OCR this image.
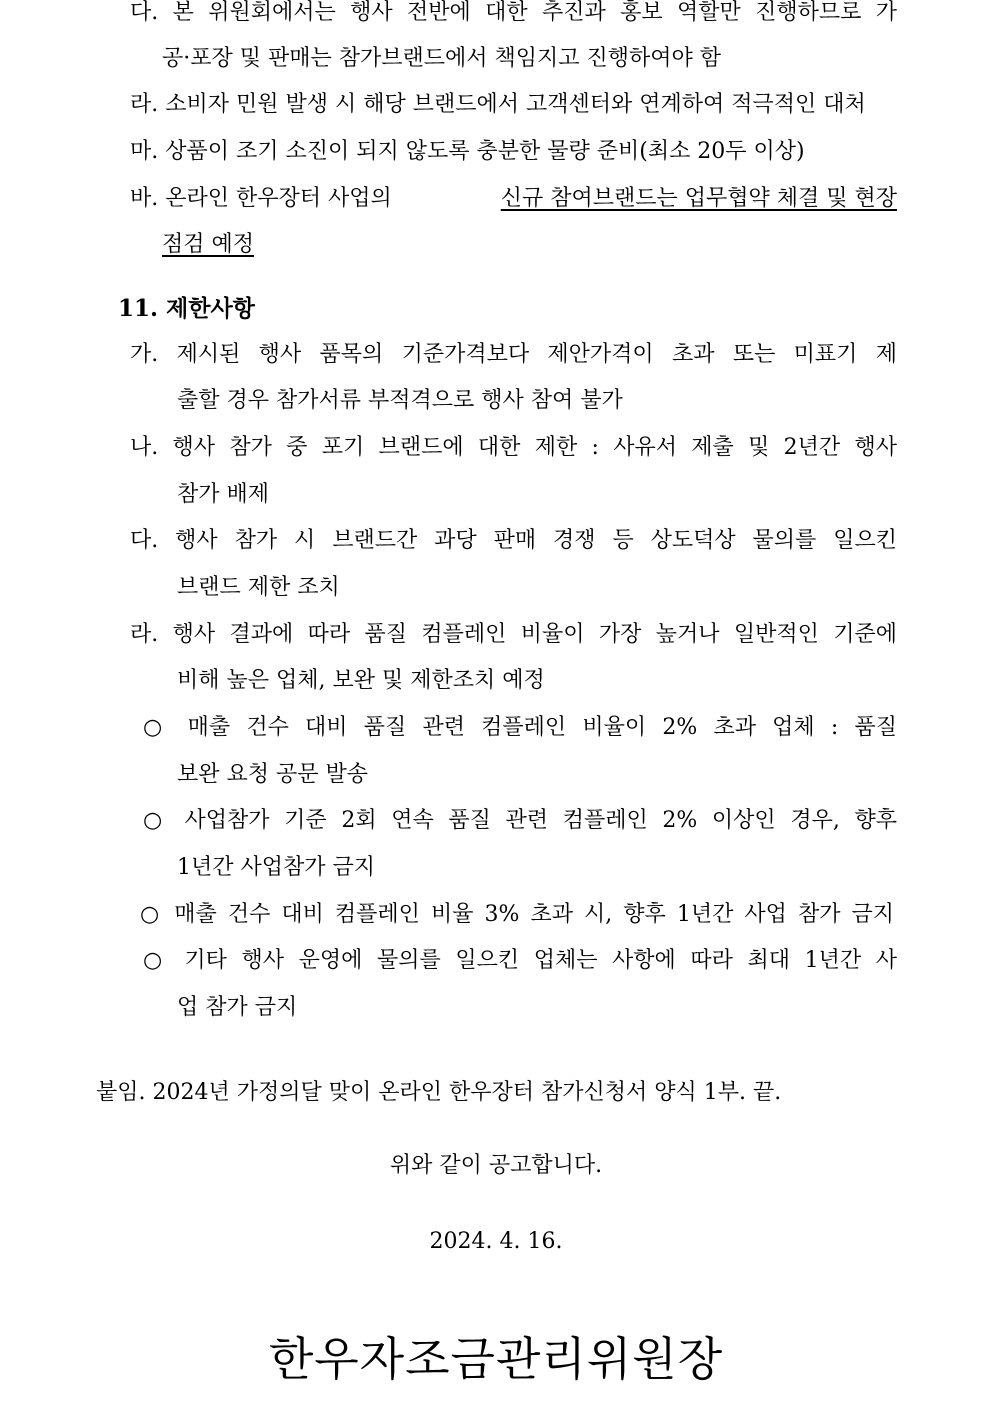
다. 본 위원회에서는 행사 전반에 대한 추진과 홍보 역할만 진행하므로 가
공·포장 및 판매는 참가브랜드에서 책임지고 진행하여야 함
라. 소비자 민원 발생 시 해당 브랜드에서 고객센터와 연계하여 적극적인 대처
마. 상품이 조기 소진이 되지 않도록 충분한 물량 준비(최소 20두 이상)
바. 온라인 한우장터 사업의	신규 참여브랜드는 업무협약 체결 및 현장
점검 예정
11. 제한사항
가. 제시된 행사 품목의 기준가격보다 제안가격이 초과 또는 미표기 제
출할 경우 참가서류 부적격으로 행사 참여 불가
나. 행사 참가 중 포기 브랜드에 대한 제한 : 사유서 제출 및 2년간 행사
참가 배제
다. 행사 참가 시 브랜드간 과당 판매 경쟁 등 상도덕상 물의를 일으킨
브랜드 제한 조치
라. 행사 결과에 따라 품질 컴플레인 비율이 가장 높거나 일반적인 기준에
비해 높은 업체, 보완 및 제한조치 예정
○ 매출 건수 대비 품질 관련 컴플레인 비율이 2% 초과 업체 : 품질
보완 요청 공문 발송
○ 사업참가 기준 2회 연속 품질 관련 컴플레인 2% 이상인 경우, 향후
1년간 사업참가 금지
○ 매출 건수 대비 컴플레인 비율 3% 초과 시, 향후 1년간 사업 참가 금지
○ 기타 행사 운영에 물의를 일으킨 업체는 사항에 따라 최대 1년간 사
업 참가 금지
붙임. 2024년 가정의달 맞이 온라인 한우장터 참가신청서 양식 1부. 끝.
위와 같이 공고합니다.
2024. 4. 16.
한우자조금관리위원장
